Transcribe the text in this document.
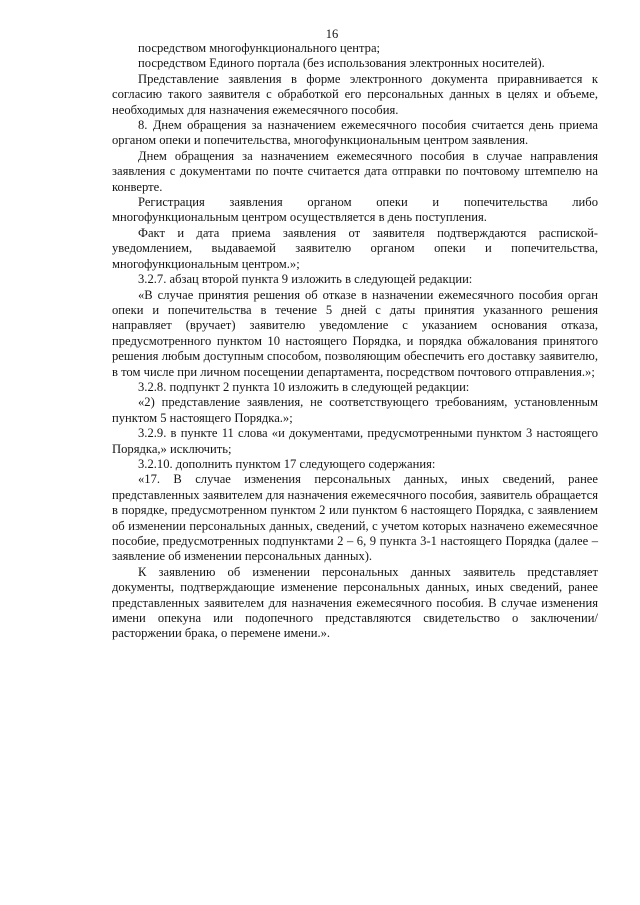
16

посредством многофункционального центра;

посредством Единого портала (без использования электронных носителей).

Представление заявления в форме электронного документа приравнивается к согласию такого заявителя с обработкой его персональных данных в целях и объеме, необходимых для назначения ежемесячного пособия.

8. Днем обращения за назначением ежемесячного пособия считается день приема органом опеки и попечительства, многофункциональным центром заявления.

Днем обращения за назначением ежемесячного пособия в случае направления заявления с документами по почте считается дата отправки по почтовому штемпелю на конверте.

Регистрация заявления органом опеки и попечительства либо многофункциональным центром осуществляется в день поступления.

Факт и дата приема заявления от заявителя подтверждаются распиской-уведомлением, выдаваемой заявителю органом опеки и попечительства, многофункциональным центром.»;

3.2.7. абзац второй пункта 9 изложить в следующей редакции:

«В случае принятия решения об отказе в назначении ежемесячного пособия орган опеки и попечительства в течение 5 дней с даты принятия указанного решения направляет (вручает) заявителю уведомление с указанием основания отказа, предусмотренного пунктом 10 настоящего Порядка, и порядка обжалования принятого решения любым доступным способом, позволяющим обеспечить его доставку заявителю, в том числе при личном посещении департамента, посредством почтового отправления.»;

3.2.8. подпункт 2 пункта 10 изложить в следующей редакции:

«2) представление заявления, не соответствующего требованиям, установленным пунктом 5 настоящего Порядка.»;

3.2.9. в пункте 11 слова «и документами, предусмотренными пунктом 3 настоящего Порядка,» исключить;

3.2.10. дополнить пунктом 17 следующего содержания:

«17. В случае изменения персональных данных, иных сведений, ранее представленных заявителем для назначения ежемесячного пособия, заявитель обращается в порядке, предусмотренном пунктом 2 или пунктом 6 настоящего Порядка, с заявлением об изменении персональных данных, сведений, с учетом которых назначено ежемесячное пособие, предусмотренных подпунктами 2 – 6, 9 пункта 3-1 настоящего Порядка (далее – заявление об изменении персональных данных).

К заявлению об изменении персональных данных заявитель представляет документы, подтверждающие изменение персональных данных, иных сведений, ранее представленных заявителем для назначения ежемесячного пособия. В случае изменения имени опекуна или подопечного представляются свидетельство о заключении/расторжении брака, о перемене имени.».
